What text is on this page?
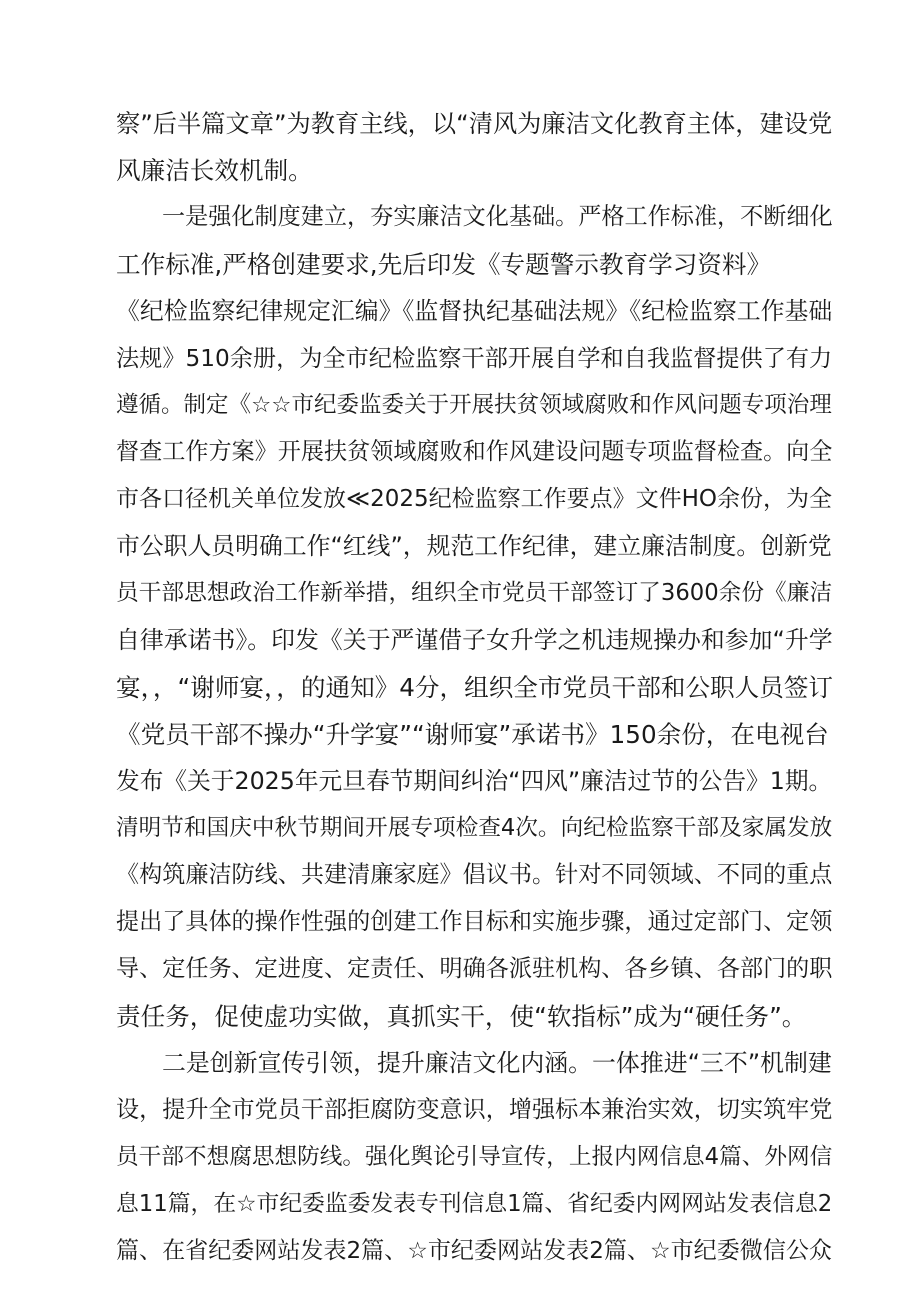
察”后半篇文章”为教育主线，以“清风为廉洁文化教育主体，建设党
风廉洁长效机制。
一是强化制度建立，夯实廉洁文化基础。严格工作标准，不断细化
工作标准,严格创建要求,先后印发《专题警示教育学习资料》
《纪检监察纪律规定汇编》《监督执纪基础法规》《纪检监察工作基础
法规》510余册，为全市纪检监察干部开展自学和自我监督提供了有力
遵循。制定《☆☆市纪委监委关于开展扶贫领域腐败和作风问题专项治理
督查工作方案》开展扶贫领域腐败和作风建设问题专项监督检查。向全
市各口径机关单位发放≪2025纪检监察工作要点》文件HO余份，为全
市公职人员明确工作“红线”，规范工作纪律，建立廉洁制度。创新党
员干部思想政治工作新举措，组织全市党员干部签订了3600余份《廉洁
自律承诺书》。印发《关于严谨借子女升学之机违规操办和参加“升学
宴，，“谢师宴，，的通知》4分，组织全市党员干部和公职人员签订
《党员干部不操办“升学宴”“谢师宴”承诺书》150余份，在电视台
发布《关于2025年元旦春节期间纠治“四风”廉洁过节的公告》1期。
清明节和国庆中秋节期间开展专项检查4次。向纪检监察干部及家属发放
《构筑廉洁防线、共建清廉家庭》倡议书。针对不同领域、不同的重点
提出了具体的操作性强的创建工作目标和实施步骤，通过定部门、定领
导、定任务、定进度、定责任、明确各派驻机构、各乡镇、各部门的职
责任务，促使虚功实做，真抓实干，使“软指标”成为“硬任务”。
二是创新宣传引领，提升廉洁文化内涵。一体推进“三不”机制建
设，提升全市党员干部拒腐防变意识，增强标本兼治实效，切实筑牢党
员干部不想腐思想防线。强化舆论引导宣传，上报内网信息4篇、外网信
息11篇，在☆市纪委监委发表专刊信息1篇、省纪委内网网站发表信息2
篇、在省纪委网站发表2篇、☆市纪委网站发表2篇、☆市纪委微信公众
